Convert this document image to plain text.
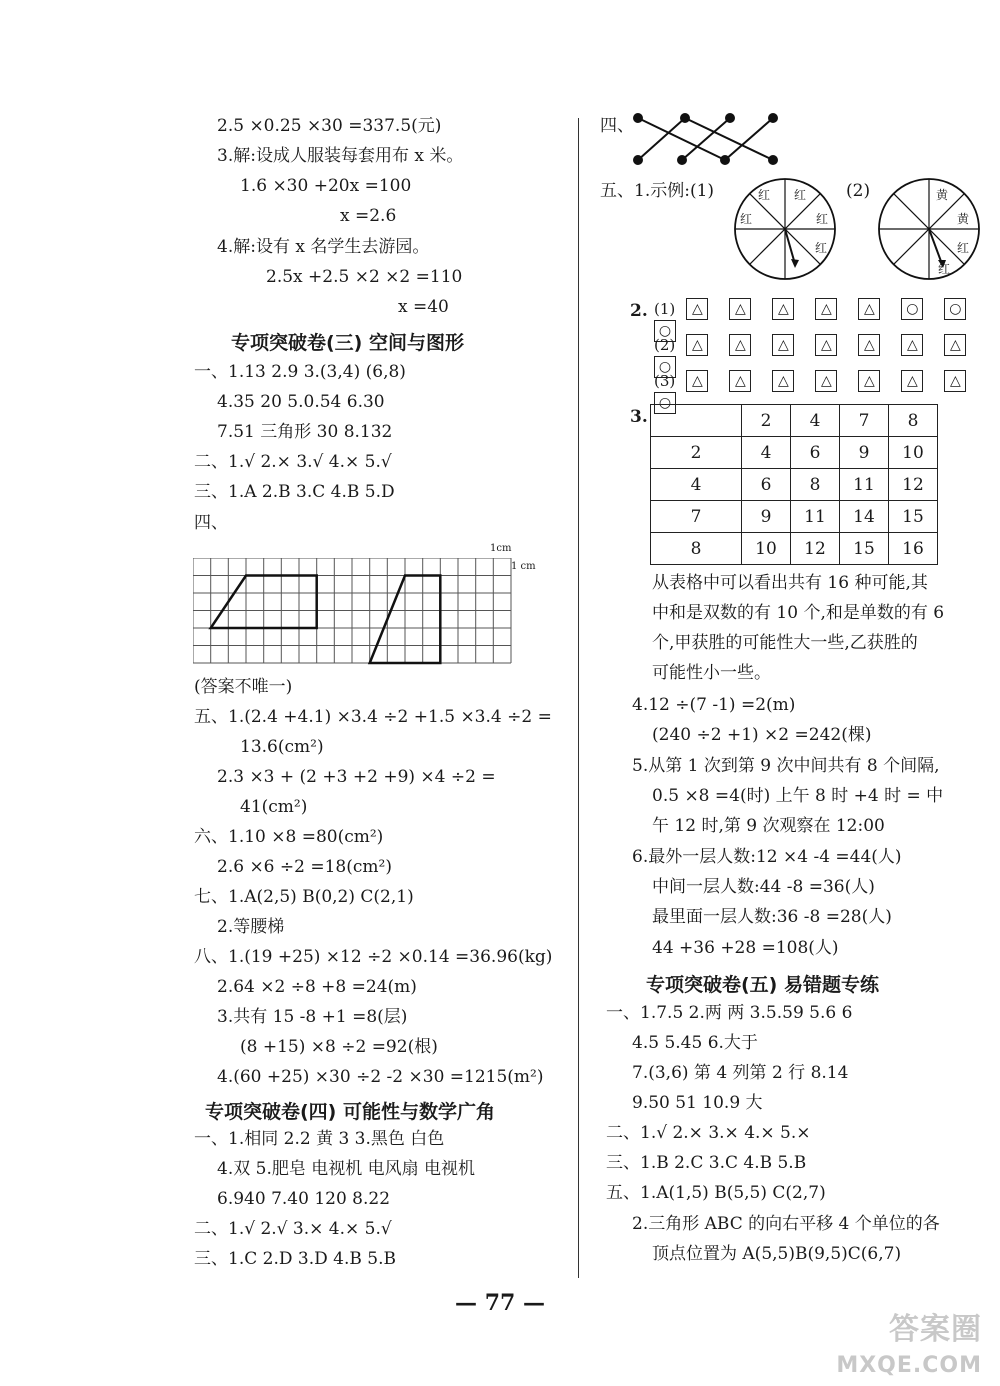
2.5 ×0.25 ×30 =337.5(元)
3.解:设成人服装每套用布 x 米。
1.6 ×30 +20x =100
x =2.6
4.解:设有 x 名学生去游园。
2.5x +2.5 ×2 ×2 =110
x =40
专项突破卷(三) 空间与图形
一、1.13 2.9 3.(3,4) (6,8)
4.35 20 5.0.54 6.30
7.51 三角形 30 8.132
二、1.√ 2.× 3.√ 4.× 5.√
三、1.A 2.B 3.C 4.B 5.D
四、
1cm
1 cm
(答案不唯一)
五、1.(2.4 +4.1) ×3.4 ÷2 +1.5 ×3.4 ÷2 =
13.6(cm²)
2.3 ×3 + (2 +3 +2 +9) ×4 ÷2 =
41(cm²)
六、1.10 ×8 =80(cm²)
2.6 ×6 ÷2 =18(cm²)
七、1.A(2,5) B(0,2) C(2,1)
2.等腰梯
八、1.(19 +25) ×12 ÷2 ×0.14 =36.96(kg)
2.64 ×2 ÷8 +8 =24(m)
3.共有 15 -8 +1 =8(层)
(8 +15) ×8 ÷2 =92(根)
4.(60 +25) ×30 ÷2 -2 ×30 =1215(m²)
专项突破卷(四) 可能性与数学广角
一、1.相同 2.2 黄 3 3.黑色 白色
4.双 5.肥皂 电视机 电风扇 电视机
6.940 7.40 120 8.22
二、1.√ 2.√ 3.× 4.× 5.√
三、1.C 2.D 3.D 4.B 5.B
四、
五、1.示例:(1)	红 红
红	红
红
(2)	黄
黄
红
红
2. (1) △ △ △ △ △ ○ ○○
(2) △ △ △ △ △ △ △○
(3) △ △ △ △ △ △ △○
3.
		2	4	7	8
2	4	6	9	10
4	6	8	11	12
7	9	11	14	15
8	10	12	15	16
从表格中可以看出共有 16 种可能,其
中和是双数的有 10 个,和是单数的有 6
个,甲获胜的可能性大一些,乙获胜的
可能性小一些。
4.12 ÷(7 -1) =2(m)
(240 ÷2 +1) ×2 =242(棵)
5.从第 1 次到第 9 次中间共有 8 个间隔,
0.5 ×8 =4(时) 上午 8 时 +4 时 = 中
午 12 时,第 9 次观察在 12:00
6.最外一层人数:12 ×4 -4 =44(人)
中间一层人数:44 -8 =36(人)
最里面一层人数:36 -8 =28(人)
44 +36 +28 =108(人)
专项突破卷(五) 易错题专练
一、1.7.5 2.两 两 3.5.59 5.6 6
4.5 5.45 6.大于
7.(3,6) 第 4 列第 2 行 8.14
9.50 51 10.9 大
二、1.√ 2.× 3.× 4.× 5.×
三、1.B 2.C 3.C 4.B 5.B
五、1.A(1,5) B(5,5) C(2,7)
2.三角形 ABC 的向右平移 4 个单位的各
顶点位置为 A(5,5)B(9,5)C(6,7)
— 77 —
答案圈
MXQE.COM
